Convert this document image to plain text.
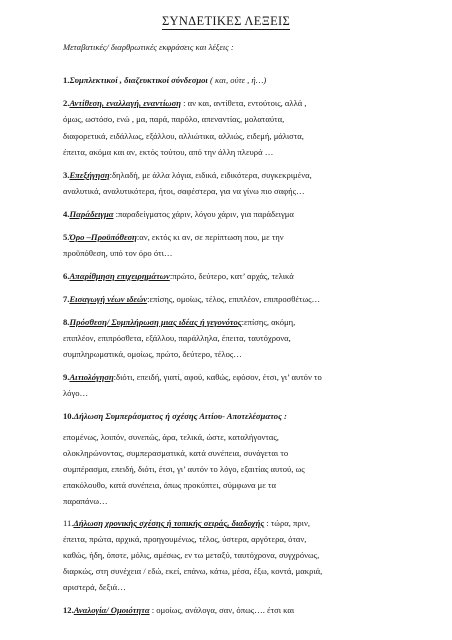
ΣΥΝΔΕΤΙΚΕΣ ΛΕΞΕΙΣ
Μεταβατικές/ διαρθρωτικές εκφράσεις και λέξεις :
1.Συμπλεκτικοί , διαζευκτικοί σύνδεσμοι ( και, ούτε , ή…)
2.Αντίθεση, εναλλαγή, εναντίωση : αν και, αντίθετα, εντούτοις, αλλά ,
όμως, ωστόσο, ενώ , μα, παρά, παρόλο, απεναντίας, μολαταύτα,
διαφορετικά, ειδάλλως, εξάλλου, αλλιώτικα, αλλιώς, ειδεμή, μάλιστα,
έπειτα, ακόμα και αν, εκτός τούτου, από την άλλη πλευρά …
3.Επεξήγηση:δηλαδή, με άλλα λόγια, ειδικά, ειδικότερα, συγκεκριμένα,
αναλυτικά, αναλυτικότερα, ήτοι, σαφέστερα, για να γίνω πιο σαφής…
4.Παράδειγμα :παραδείγματος χάριν, λόγου χάριν, για παράδειγμα
5.Όρο –Προϋπόθεση:αν, εκτός κι αν, σε περίπτωση που, με την
προϋπόθεση, υπό τον όρο ότι…
6.Απαρίθμηση επιχειρημάτων:πρώτο, δεύτερο, κατ’ αρχάς, τελικά
7.Εισαγωγή νέων ιδεών:επίσης, ομοίως, τέλος, επιπλέον, επιπροσθέτως…
8.Πρόσθεση/ Συμπλήρωση μιας ιδέας ή γεγονότος:επίσης, ακόμη,
επιπλέον, επιπρόσθετα, εξάλλου, παράλληλα, έπειτα, ταυτόχρονα,
συμπληρωματικά, ομοίως, πρώτο, δεύτερο, τέλος…
9.Αιτιολόγηση:διότι, επειδή, γιατί, αφού, καθώς, εφόσον, έτσι, γι’ αυτόν το
λόγο…
10.Δήλωση Συμπεράσματος ή σχέσης Αιτίου- Αποτελέσματος :
επομένως, λοιπόν, συνεπώς, άρα, τελικά, ώστε, καταλήγοντας,
ολοκληρώνοντας, συμπερασματικά, κατά συνέπεια, συνάγεται το
συμπέρασμα, επειδή, διότι, έτσι, γι’ αυτόν το λόγο, εξαιτίας αυτού, ως
επακόλουθο, κατά συνέπεια, όπως προκύπτει, σύμφωνα με τα
παραπάνω…
11.Δήλωση χρονικής σχέσης ή τοπικής σειράς, διαδοχής : τώρα, πριν,
έπειτα, πρώτα, αρχικά, προηγουμένως, τέλος, ύστερα, αργότερα, όταν,
καθώς, ήδη, όποτε, μόλις, αμέσως, εν τω μεταξύ, ταυτόχρονα, συγχρόνως,
διαρκώς, στη συνέχεια / εδώ, εκεί, επάνω, κάτω, μέσα, έξω, κοντά, μακριά,
αριστερά, δεξιά…
12.Αναλογία/ Ομοιότητα : ομοίως, ανάλογα, σαν, όπως…. έτσι και
